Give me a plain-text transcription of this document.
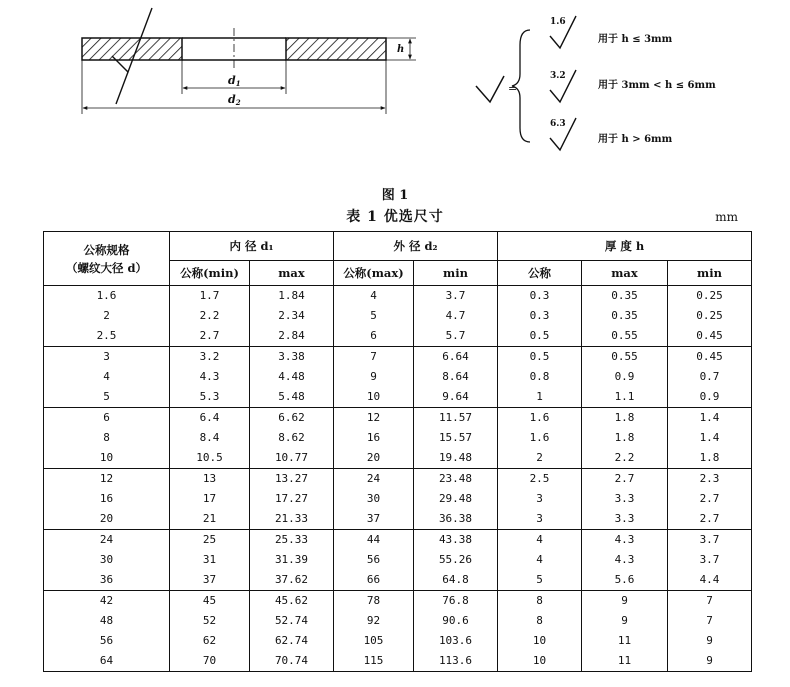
d1
d2
h
=
1.6
用于 h ≤ 3mm
3.2
用于 3mm < h ≤ 6mm
6.3
用于 h > 6mm
图 1
表 1 优选尺寸	mm
公称规格
（螺纹大径 d）	内 径 d₁		外 径 d₂		厚 度 h		
	公称(min)	max	公称(max)	min	公称	max	min
1.6	1.7	1.84	4	3.7	0.3	0.35	0.25
2	2.2	2.34	5	4.7	0.3	0.35	0.25
2.5	2.7	2.84	6	5.7	0.5	0.55	0.45
3	3.2	3.38	7	6.64	0.5	0.55	0.45
4	4.3	4.48	9	8.64	0.8	0.9	0.7
5	5.3	5.48	10	9.64	1	1.1	0.9
6	6.4	6.62	12	11.57	1.6	1.8	1.4
8	8.4	8.62	16	15.57	1.6	1.8	1.4
10	10.5	10.77	20	19.48	2	2.2	1.8
12	13	13.27	24	23.48	2.5	2.7	2.3
16	17	17.27	30	29.48	3	3.3	2.7
20	21	21.33	37	36.38	3	3.3	2.7
24	25	25.33	44	43.38	4	4.3	3.7
30	31	31.39	56	55.26	4	4.3	3.7
36	37	37.62	66	64.8	5	5.6	4.4
42	45	45.62	78	76.8	8	9	7
48	52	52.74	92	90.6	8	9	7
56	62	62.74	105	103.6	10	11	9
64	70	70.74	115	113.6	10	11	9
